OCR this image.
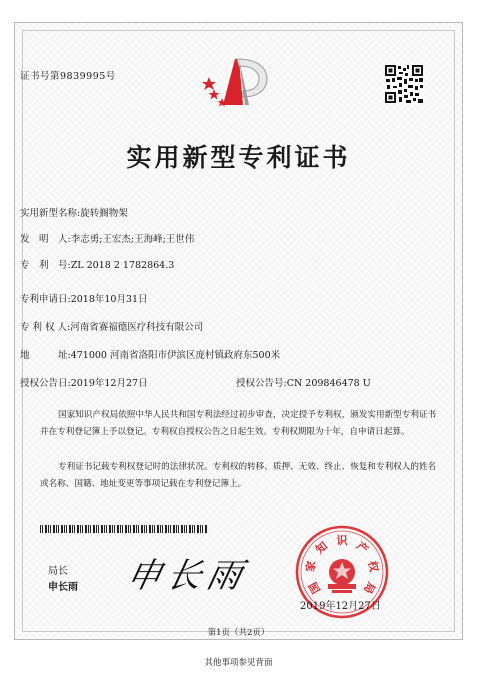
证书号第9839995号
实用新型专利证书
实用新型名称:旋转搁物架
发　明　人:李志勇;王宏杰;王海峰;王世伟
专　利　号:ZL 2018 2 1782864.3
专利申请日:2018年10月31日
专 利 权 人:河南省赛福德医疗科技有限公司
地　　　址:471000 河南省洛阳市伊滨区庞村镇政府东500米
授权公告日:2019年12月27日	授权公告号:CN 209846478 U
国家知识产权局依照中华人民共和国专利法经过初步审查，决定授予专利权，颁发实用新型专利证书并在专利登记簿上予以登记。专利权自授权公告之日起生效。专利权期限为十年，自申请日起算。
专利证书记载专利权登记时的法律状况。专利权的转移、质押、无效、终止、恢复和专利权人的姓名或名称、国籍、地址变更等事项记载在专利登记簿上。
局长
申长雨 申长雨	国
家
知 识 产
权
局
2019年12月27日
第1页（共2页）
其他事项参见背面
